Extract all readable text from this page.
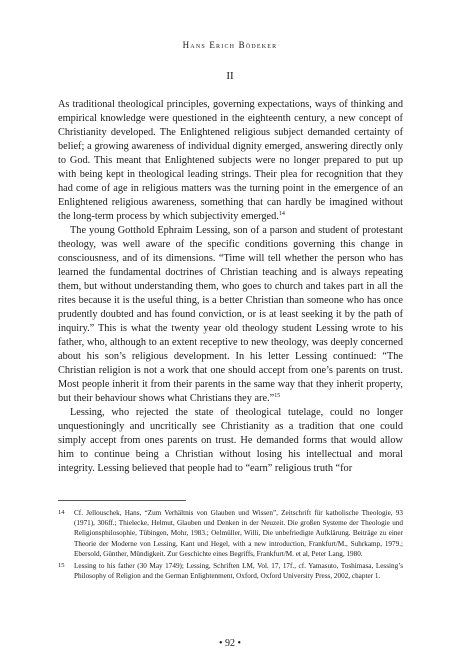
Hans Erich Bödeker
II

As traditional theological principles, governing expectations, ways of thinking and empirical knowledge were questioned in the eighteenth century, a new concept of Christianity developed. The Enlightened religious subject demanded certainty of belief; a growing awareness of individual dignity emerged, answering directly only to God. This meant that Enlightened subjects were no longer prepared to put up with being kept in theological leading strings. Their plea for recognition that they had come of age in religious matters was the turning point in the emergence of an Enlightened religious awareness, something that can hardly be imagined without the long-term process by which subjectivity emerged.$^{14}$

The young Gotthold Ephraim Lessing, son of a parson and student of protestant theology, was well aware of the specific conditions governing this change in consciousness, and of its dimensions. “Time will tell whether the person who has learned the fundamental doctrines of Christian teaching and is always repeating them, but without understanding them, who goes to church and takes part in all the rites because it is the useful thing, is a better Christian than someone who has once prudently doubted and has found conviction, or is at least seeking it by the path of inquiry.” This is what the twenty year old theology student Lessing wrote to his father, who, although to an extent receptive to new theology, was deeply concerned about his son’s religious development. In his letter Lessing continued: “The Christian religion is not a work that one should accept from one’s parents on trust. Most people inherit it from their parents in the same way that they inherit property, but their behaviour shows what Christians they are.”$^{15}$

Lessing, who rejected the state of theological tutelage, could no longer unquestioningly and uncritically see Christianity as a tradition that one could simply accept from ones parents on trust. He demanded forms that would allow him to continue being a Christian without losing his intellectual and moral integrity. Lessing believed that people had to “earn” religious truth “for

14	Cf. Jellouschek, Hans, “Zum Verhältnis von Glauben und Wissen”, Zeitschrift für katholische Theologie, 93 (1971), 306ff.; Thielecke, Helmut, Glauben und Denken in der Neuzeit. Die großen Systeme der Theologie und Religionsphilosophie, Tübingen, Mohr, 1983.; Oelmüller, Willi, Die unbefriedigte Aufklärung. Beiträge zu einer Theorie der Moderne von Lessing, Kant und Hegel, with a new introduction, Frankfurt/M., Suhrkamp, 1979.; Ebersold, Günther, Mündigkeit. Zur Geschichte eines Begriffs, Frankfurt/M. et al, Peter Lang, 1980.
15	Lessing to his father (30 May 1749); Lessing, Schriften LM, Vol. 17, 17f., cf. Yamasuto, Toshimasa, Lessing’s Philosophy of Religion and the German Enlightenment, Oxford, Oxford University Press, 2002, chapter 1.
• 92 •
